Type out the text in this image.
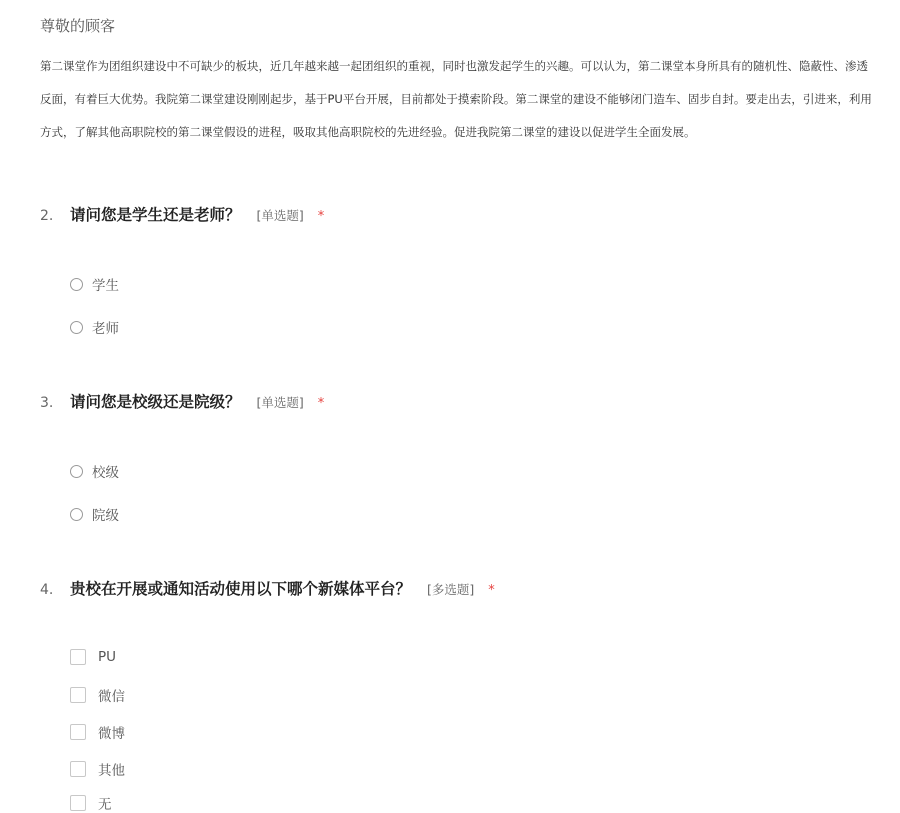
尊敬的顾客
第二课堂作为团组织建设中不可缺少的板块，近几年越来越一起团组织的重视，同时也激发起学生的兴趣。可以认为，第二课堂本身所具有的随机性、隐蔽性、渗透
反面，有着巨大优势。我院第二课堂建设刚刚起步，基于PU平台开展，目前都处于摸索阶段。第二课堂的建设不能够闭门造车、固步自封。要走出去，引进来，利用
方式，了解其他高职院校的第二课堂假设的进程，吸取其他高职院校的先进经验。促进我院第二课堂的建设以促进学生全面发展。
2.	请问您是学生还是老师？ [单选题] *
学生
老师
3.	请问您是校级还是院级？ [单选题] *
校级
院级
4.	贵校在开展或通知活动使用以下哪个新媒体平台？ [多选题] *
PU
微信
微博
其他
无
